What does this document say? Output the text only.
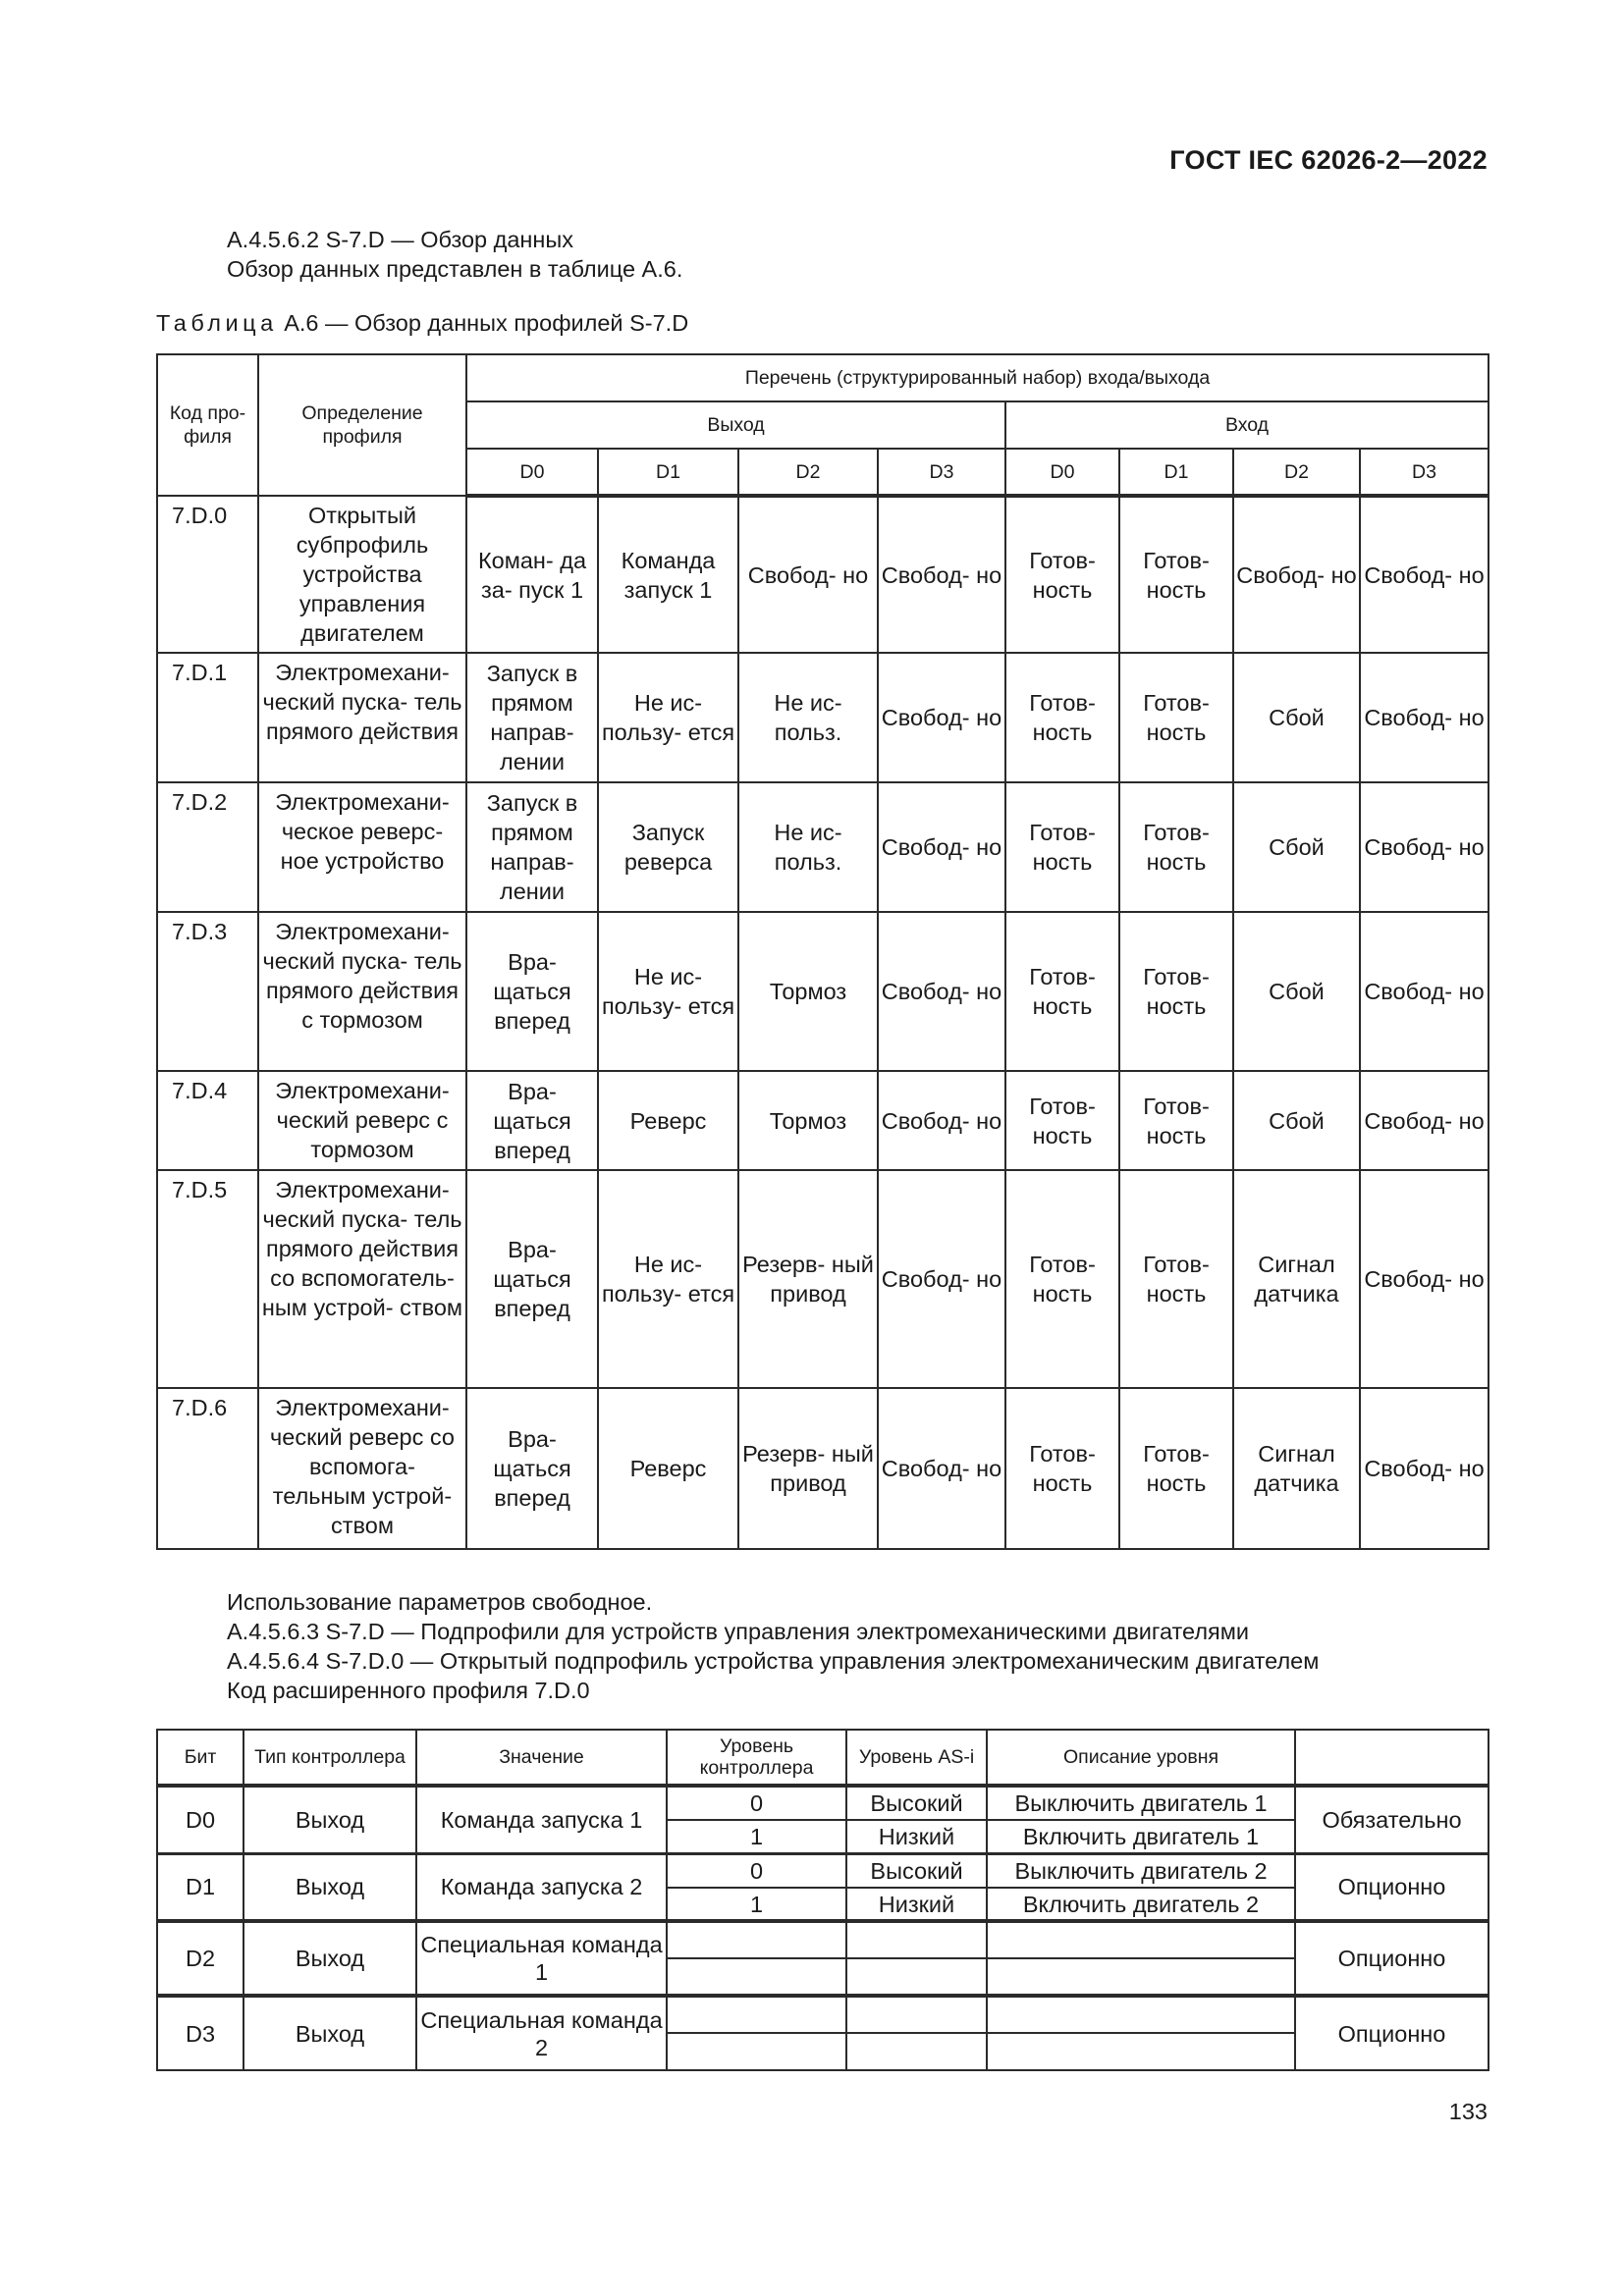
ГОСТ IEC 62026-2—2022
А.4.5.6.2 S-7.D — Обзор данных
Обзор данных представлен в таблице А.6.
Таблица А.6 — Обзор данных профилей S-7.D
Код про- филя	Определение профиля	Перечень (структурированный набор) входа/выхода							
		Выход				Вход			
		D0	D1	D2	D3	D0	D1	D2	D3
7.D.0	Открытый субпрофиль устройства управления двигателем	Коман- да за- пуск 1	Команда запуск 1	Свобод- но	Свобод- но	Готов- ность	Готов- ность	Свобод- но	Свобод- но
7.D.1	Электромехани- ческий пуска- тель прямого действия	Запуск в прямом направ- лении	Не ис- пользу- ется	Не ис- польз.	Свобод- но	Готов- ность	Готов- ность	Сбой	Свобод- но
7.D.2	Электромехани- ческое реверс- ное устройство	Запуск в прямом направ- лении	Запуск реверса	Не ис- польз.	Свобод- но	Готов- ность	Готов- ность	Сбой	Свобод- но
7.D.3	Электромехани- ческий пуска- тель прямого действия с тормозом	Вра- щаться вперед	Не ис- пользу- ется	Тормоз	Свобод- но	Готов- ность	Готов- ность	Сбой	Свобод- но
7.D.4	Электромехани- ческий реверс с тормозом	Вра- щаться вперед	Реверс	Тормоз	Свобод- но	Готов- ность	Готов- ность	Сбой	Свобод- но
7.D.5	Электромехани- ческий пуска- тель прямого действия со вспомогатель- ным устрой- ством	Вра- щаться вперед	Не ис- пользу- ется	Резерв- ный привод	Свобод- но	Готов- ность	Готов- ность	Сигнал датчика	Свобод- но
7.D.6	Электромехани- ческий реверс со вспомога- тельным устрой- ством	Вра- щаться вперед	Реверс	Резерв- ный привод	Свобод- но	Готов- ность	Готов- ность	Сигнал датчика	Свобод- но
Использование параметров свободное.
А.4.5.6.3 S-7.D — Подпрофили для устройств управления электромеханическими двигателями
А.4.5.6.4 S-7.D.0 — Открытый подпрофиль устройства управления электромеханическим двигателем
Код расширенного профиля 7.D.0
Бит	Тип контроллера	Значение	Уровень контроллера	Уровень AS-i	Описание уровня	
D0	Выход	Команда запуска 1	0	Высокий	Выключить двигатель 1	Обязательно
			1	Низкий	Включить двигатель 1	
D1	Выход	Команда запуска 2	0	Высокий	Выключить двигатель 2	Опционно
			1	Низкий	Включить двигатель 2	
D2	Выход	Специальная команда 1				Опционно

D3	Выход	Специальная команда 2				Опционно

133
